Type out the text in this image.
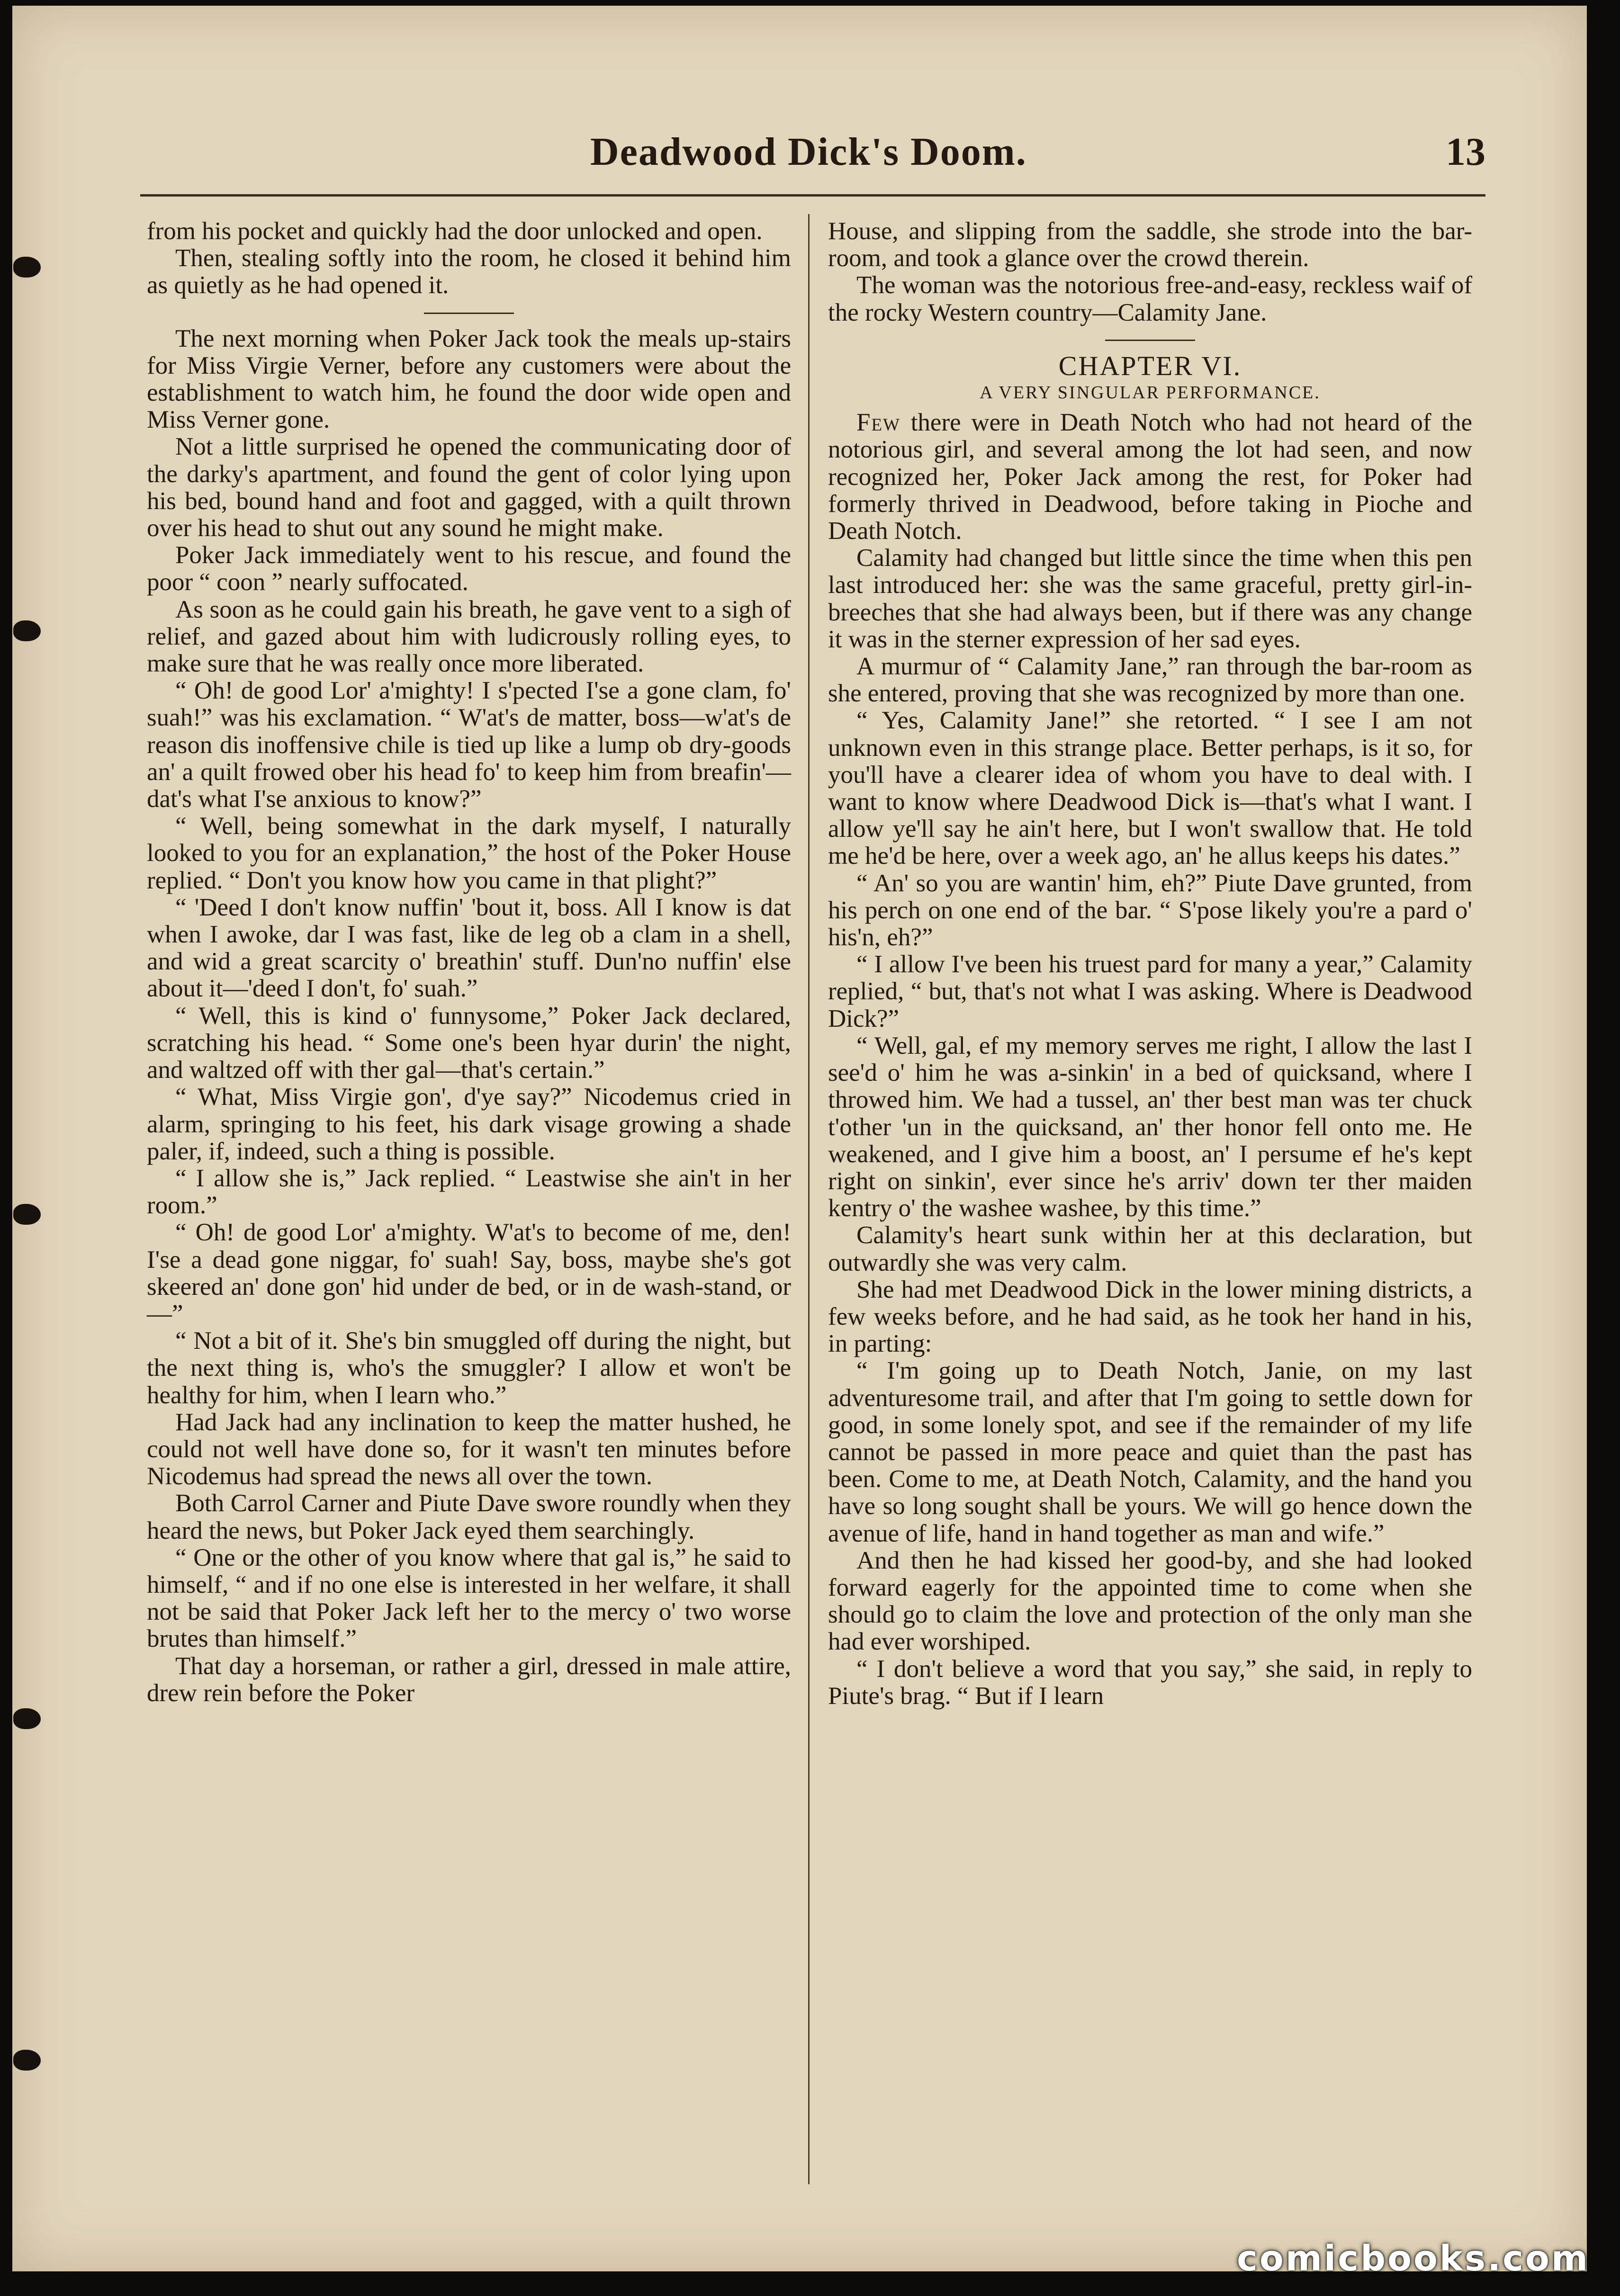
Deadwood Dick's Doom.	13

from his pocket and quickly had the door unlocked and open.

Then, stealing softly into the room, he closed it behind him as quietly as he had opened it.

The next morning when Poker Jack took the meals up-stairs for Miss Virgie Verner, before any customers were about the establishment to watch him, he found the door wide open and Miss Verner gone.

Not a little surprised he opened the communicating door of the darky's apartment, and found the gent of color lying upon his bed, bound hand and foot and gagged, with a quilt thrown over his head to shut out any sound he might make.

Poker Jack immediately went to his rescue, and found the poor “ coon ” nearly suffocated.

As soon as he could gain his breath, he gave vent to a sigh of relief, and gazed about him with ludicrously rolling eyes, to make sure that he was really once more liberated.

“ Oh! de good Lor' a'mighty! I s'pected I'se a gone clam, fo' suah!” was his exclamation. “ W'at's de matter, boss—w'at's de reason dis inoffensive chile is tied up like a lump ob dry-goods an' a quilt frowed ober his head fo' to keep him from breafin'—dat's what I'se anxious to know?”

“ Well, being somewhat in the dark myself, I naturally looked to you for an explanation,” the host of the Poker House replied. “ Don't you know how you came in that plight?”

“ 'Deed I don't know nuffin' 'bout it, boss. All I know is dat when I awoke, dar I was fast, like de leg ob a clam in a shell, and wid a great scarcity o' breathin' stuff. Dun'no nuffin' else about it—'deed I don't, fo' suah.”

“ Well, this is kind o' funnysome,” Poker Jack declared, scratching his head. “ Some one's been hyar durin' the night, and waltzed off with ther gal—that's certain.”

“ What, Miss Virgie gon', d'ye say?” Nicodemus cried in alarm, springing to his feet, his dark visage growing a shade paler, if, indeed, such a thing is possible.

“ I allow she is,” Jack replied. “ Leastwise she ain't in her room.”

“ Oh! de good Lor' a'mighty. W'at's to become of me, den! I'se a dead gone niggar, fo' suah! Say, boss, maybe she's got skeered an' done gon' hid under de bed, or in de wash-stand, or—”

“ Not a bit of it. She's bin smuggled off during the night, but the next thing is, who's the smuggler? I allow et won't be healthy for him, when I learn who.”

Had Jack had any inclination to keep the matter hushed, he could not well have done so, for it wasn't ten minutes before Nicodemus had spread the news all over the town.

Both Carrol Carner and Piute Dave swore roundly when they heard the news, but Poker Jack eyed them searchingly.

“ One or the other of you know where that gal is,” he said to himself, “ and if no one else is interested in her welfare, it shall not be said that Poker Jack left her to the mercy o' two worse brutes than himself.”

That day a horseman, or rather a girl, dressed in male attire, drew rein before the Poker

House, and slipping from the saddle, she strode into the bar-room, and took a glance over the crowd therein.

The woman was the notorious free-and-easy, reckless waif of the rocky Western country—Calamity Jane.

CHAPTER VI.
A VERY SINGULAR PERFORMANCE.

Few there were in Death Notch who had not heard of the notorious girl, and several among the lot had seen, and now recognized her, Poker Jack among the rest, for Poker had formerly thrived in Deadwood, before taking in Pioche and Death Notch.

Calamity had changed but little since the time when this pen last introduced her: she was the same graceful, pretty girl-in-breeches that she had always been, but if there was any change it was in the sterner expression of her sad eyes.

A murmur of “ Calamity Jane,” ran through the bar-room as she entered, proving that she was recognized by more than one.

“ Yes, Calamity Jane!” she retorted. “ I see I am not unknown even in this strange place. Better perhaps, is it so, for you'll have a clearer idea of whom you have to deal with. I want to know where Deadwood Dick is—that's what I want. I allow ye'll say he ain't here, but I won't swallow that. He told me he'd be here, over a week ago, an' he allus keeps his dates.”

“ An' so you are wantin' him, eh?” Piute Dave grunted, from his perch on one end of the bar. “ S'pose likely you're a pard o' his'n, eh?”

“ I allow I've been his truest pard for many a year,” Calamity replied, “ but, that's not what I was asking. Where is Deadwood Dick?”

“ Well, gal, ef my memory serves me right, I allow the last I see'd o' him he was a-sinkin' in a bed of quicksand, where I throwed him. We had a tussel, an' ther best man was ter chuck t'other 'un in the quicksand, an' ther honor fell onto me. He weakened, and I give him a boost, an' I persume ef he's kept right on sinkin', ever since he's arriv' down ter ther maiden kentry o' the washee washee, by this time.”

Calamity's heart sunk within her at this declaration, but outwardly she was very calm.

She had met Deadwood Dick in the lower mining districts, a few weeks before, and he had said, as he took her hand in his, in parting:

“ I'm going up to Death Notch, Janie, on my last adventuresome trail, and after that I'm going to settle down for good, in some lonely spot, and see if the remainder of my life cannot be passed in more peace and quiet than the past has been. Come to me, at Death Notch, Calamity, and the hand you have so long sought shall be yours. We will go hence down the avenue of life, hand in hand together as man and wife.”

And then he had kissed her good-by, and she had looked forward eagerly for the appointed time to come when she should go to claim the love and protection of the only man she had ever worshiped.

“ I don't believe a word that you say,” she said, in reply to Piute's brag. “ But if I learn

comicbooks.com
